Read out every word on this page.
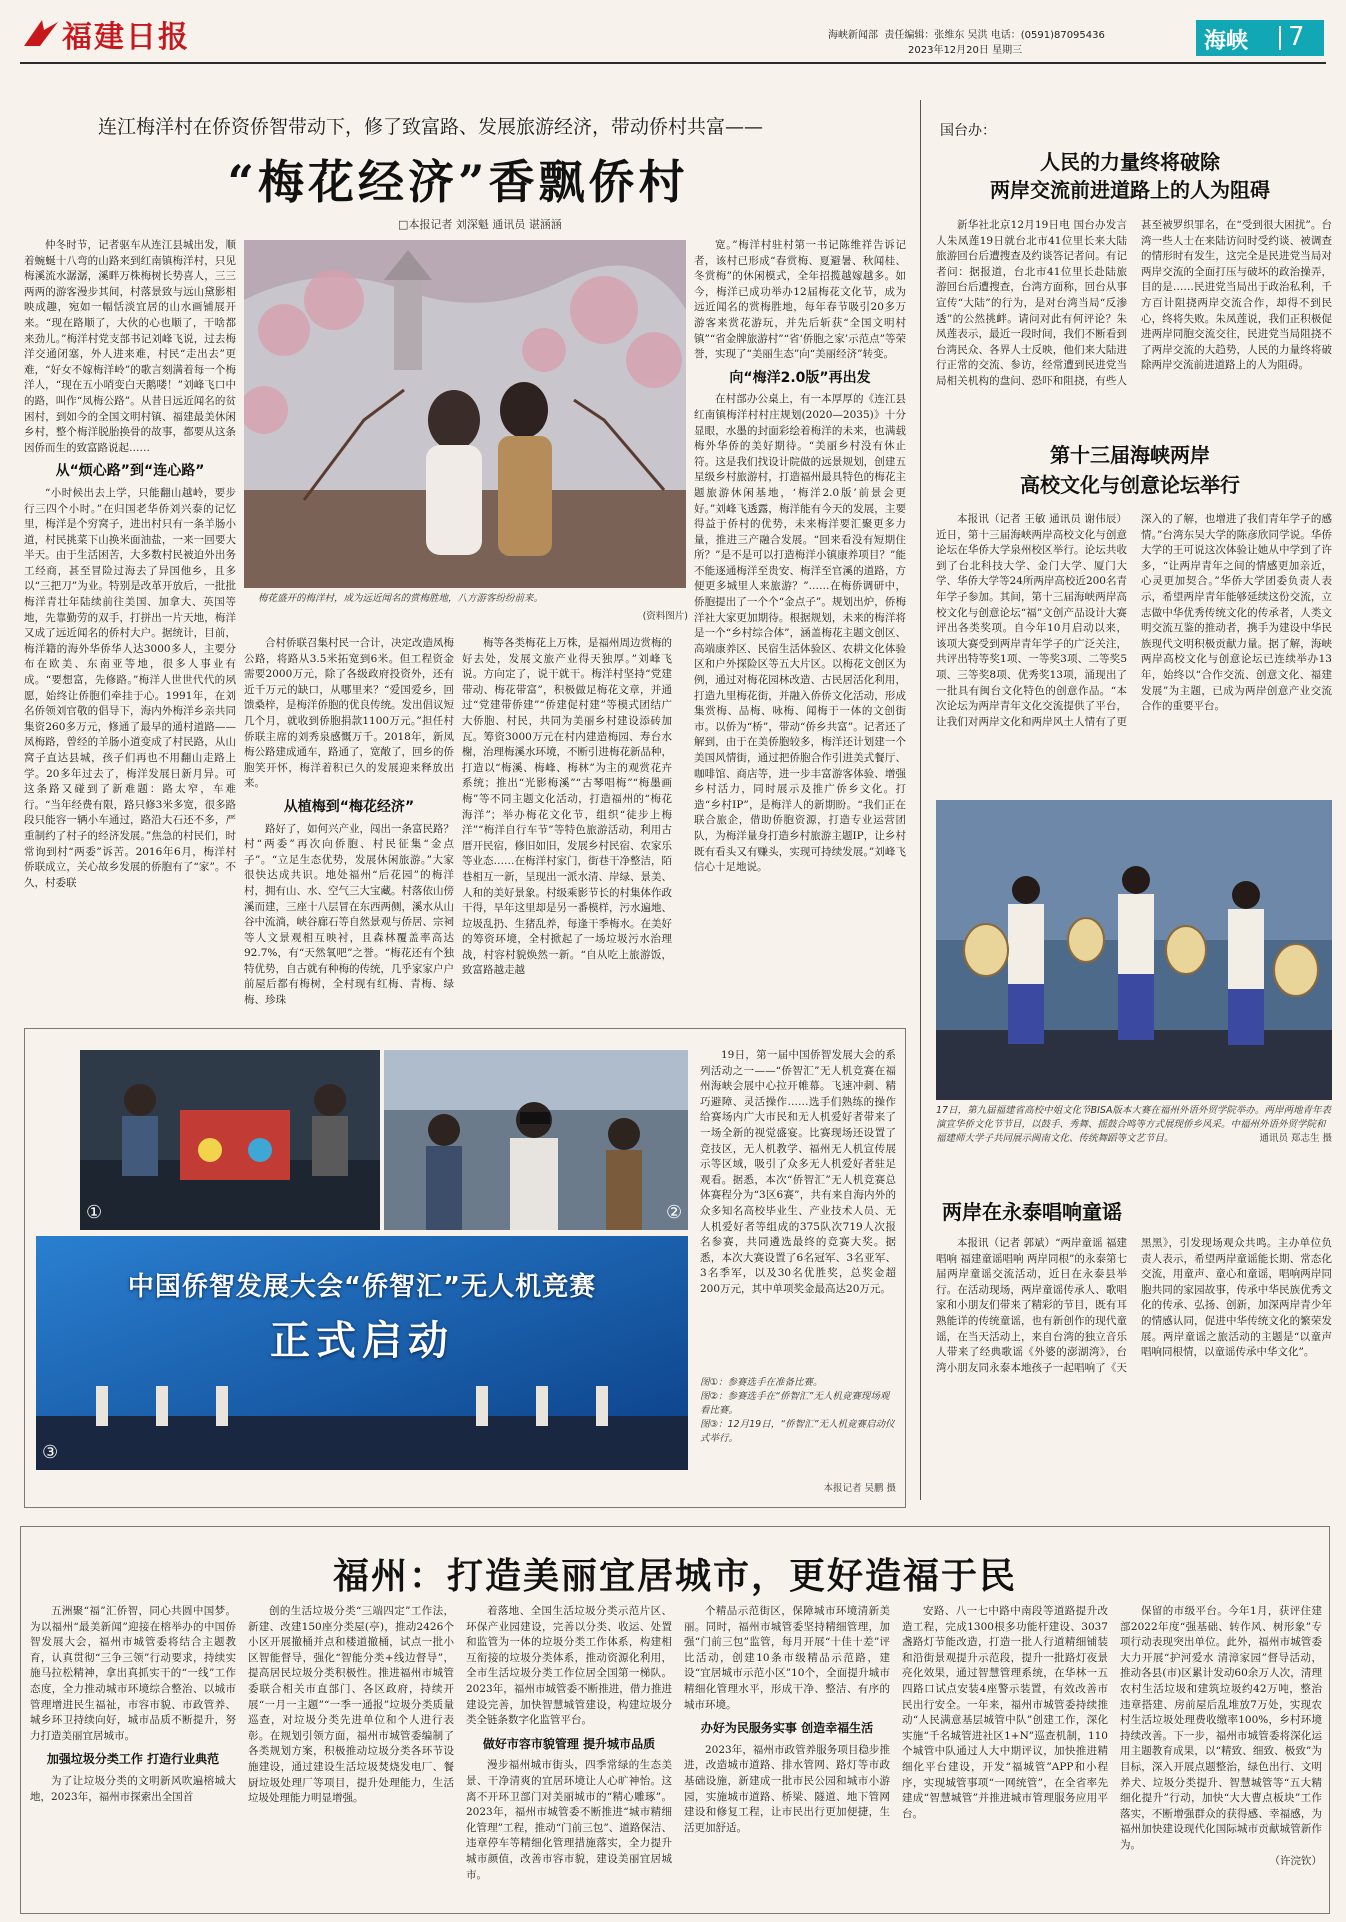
福建日报	海峡新闻部 责任编辑：张维东 吴洪 电话：(0591)87095436
2023年12月20日 星期三	海峡 7
连江梅洋村在侨资侨智带动下，修了致富路、发展旅游经济，带动侨村共富——
“梅花经济”香飘侨村
□本报记者 刘深魁 通讯员 谌涵涵

仲冬时节，记者驱车从连江县城出发，顺着蜿蜒十八弯的山路来到红南镇梅洋村，只见梅溪流水潺潺，溪畔万株梅树长势喜人，三三两两的游客漫步其间，村落景致与远山黛影相映成趣，宛如一幅恬淡宜居的山水画铺展开来。“现在路顺了，大伙的心也顺了，干啥都来劲儿。”梅洋村党支部书记刘峰飞说，过去梅洋交通闭塞，外人进来难，村民“走出去”更难，“好女不嫁梅洋岭”的歌言刻满着每一个梅洋人，“现在五小哨变白天鹅喽！”刘峰飞口中的路，叫作“凤梅公路”。从昔日远近闻名的贫困村，到如今的全国文明村镇、福建最美休闲乡村，整个梅洋脱胎换骨的故事，都要从这条因侨而生的致富路说起……

从“烦心路”到“连心路”

“小时候出去上学，只能翻山越岭，要步行三四个小时。”在归国老华侨刘兴泰的记忆里，梅洋是个穷窝子，进出村只有一条羊肠小道，村民挑菜下山换米面油盐，一来一回要大半天。由于生活困苦，大多数村民被迫外出务工经商，甚至冒险过海去了异国他乡，且多以“三把刀”为业。特别是改革开放后，一批批梅洋青壮年陆续前往美国、加拿大、英国等地，先靠勤劳的双手，打拼出一片天地，梅洋又成了远近闻名的侨村大户。据统计，目前，梅洋籍的海外华侨华人达3000多人，主要分布在欧美、东南亚等地，很多人事业有成。“要想富，先修路。”梅洋人世世代代的夙愿，始终让侨胞们牵挂于心。1991年，在刘名侨领刘官敬的倡导下，海内外梅洋乡亲共同集资260多万元，修通了最早的通村道路——凤梅路，曾经的羊肠小道变成了村民路，从山窝子直达县城，孩子们再也不用翻山走路上学。20多年过去了，梅洋发展日新月异。可这条路又碰到了新难题：路太窄，车难行。“当年经费有限，路只修3米多宽，很多路段只能容一辆小车通过，路沿大石还不多，严重制约了村子的经济发展。”焦急的村民们，时常询到村“两委”诉苦。2016年6月，梅洋村侨联成立，关心故乡发展的侨胞有了“家”。不久，村委联

梅花盛开的梅洋村，成为远近闻名的赏梅胜地，八方游客纷纷前来。
(资料图片)

合村侨联召集村民一合计，决定改造凤梅公路，将路从3.5米拓宽到6米。但工程资金需要2000万元，除了各级政府投资外，还有近千万元的缺口，从哪里来？“爱国爱乡，回馈桑梓，是梅洋侨胞的优良传统。发出倡议短几个月，就收到侨胞捐款1100万元。”担任村侨联主席的刘秀泉感慨万千。2018年，新凤梅公路建成通车，路通了，宽敞了，回乡的侨胞笑开怀，梅洋着积已久的发展迎来释放出来。

从植梅到“梅花经济”

路好了，如何兴产业，闯出一条富民路？村“两委”再次向侨胞、村民征集“金点子”。“立足生态优势，发展休闲旅游。”大家很快达成共识。地处福州“后花园”的梅洋村，拥有山、水、空气三大宝藏。村落依山傍溪而建，三座十八层冒在东西两侧，溪水从山谷中流淌，峡谷廊石等自然景观与侨居、宗祠等人文景观相互映衬，且森林覆盖率高达92.7%，有“天然氧吧”之誉。“梅花还有个独特优势，自古就有种梅的传统，几乎家家户户前屋后都有梅树，全村现有红梅、青梅、绿梅、珍珠

梅等各类梅花上万株，是福州周边赏梅的好去处，发展文旅产业得天独厚。”刘峰飞说。方向定了，说干就干。梅洋村坚持“党建带动、梅花带富”，积极做足梅花文章，并通过“党建带侨建”“侨建促村建”等模式团结广大侨胞、村民，共同为美丽乡村建设添砖加瓦。筹资3000万元在村内建造梅园、寿台水榭，治理梅溪水环境，不断引进梅花新品种，打造以“梅溪、梅峰、梅林”为主的观赏花卉系统；推出“光影梅溪”“古琴唱梅”“梅墨画梅”等不同主题文化活动，打造福州的“梅花海洋”；举办梅花文化节，组织“徒步上梅洋”“梅洋自行车节”等特色旅游活动，利用古厝开民宿，修旧如旧，发展乡村民宿、农家乐等业态……在梅洋村家门，街巷干净整洁，陌巷相互一新，呈现出一派水清、岸绿、景美、人和的美好景象。村级乘影节长的村集体作政干得，旱年这里却是另一番模样，污水遍地、垃圾乱扔、生猪乱养，每逢干季梅水。在美好的筹资环境，全村掀起了一场垃圾污水治理战，村容村貌焕然一新。“自从吃上旅游饭，致富路越走越

宽。”梅洋村驻村第一书记陈维祥告诉记者，该村已形成“春赏梅、夏避暑、秋闻桂、冬赏梅”的休闲模式，全年招揽越嫁越多。如今，梅洋已成功举办12届梅花文化节，成为远近闻名的赏梅胜地，每年春节吸引20多万游客来赏花游玩，并先后斩获“全国文明村镇”“省金牌旅游村”“省‘侨胞之家’示范点”等荣誉，实现了“美丽生态”向“美丽经济”转变。

向“梅洋2.0版”再出发

在村部办公桌上，有一本厚厚的《连江县红南镇梅洋村村庄规划(2020—2035)》十分显眼，水墨的封面彩绘着梅洋的未来，也满载梅外华侨的美好期待。“美丽乡村没有休止符。这是我们找设计院做的远景规划，创建五星级乡村旅游村，打造福州最具特色的梅花主题旅游休闲基地，‘梅洋2.0版’前景会更好。”刘峰飞透露，梅洋能有今天的发展，主要得益于侨村的优势，未来梅洋要汇聚更多力量，推进三产融合发展。“回来看没有短期住所？”是不是可以打造梅洋小镇康养项目？”能不能逐通梅洋至贵安、梅洋至官溪的道路，方便更多城里人来旅游？”……在梅侨调研中，侨胞提出了一个个“金点子”。规划出炉，侨梅洋社大家更加期待。根据规划，未来的梅洋将是一个“乡村综合体”，涵盖梅花主题文创区、高端康养区、民宿生活体验区、农耕文化体验区和户外探险区等五大片区。以梅花文创区为例，通过对梅花园林改造、古民居活化利用，打造九里梅花街，并融入侨侨文化活动，形成集赏梅、品梅、咏梅、闻梅于一体的文创街市。以侨为“桥”，带动“侨乡共富”。记者还了解到，由于在美侨胞较多，梅洋还计划建一个美国风情街，通过把侨胞合作引进美式餐厅、咖啡馆、商店等，进一步丰富游客体验、增强乡村活力，同时展示及推广侨乡文化。打造“乡村IP”，是梅洋人的新期盼。“我们正在联合旅企，借助侨胞资源，打造专业运营团队，为梅洋量身打造乡村旅游主题IP，让乡村既有看头又有赚头，实现可持续发展。”刘峰飞信心十足地说。

国台办：
人民的力量终将破除
两岸交流前进道路上的人为阻碍

新华社北京12月19日电 国台办发言人朱凤莲19日就台北市41位里长来大陆旅游回台后遭搜查及约谈答记者问。有记者问：据报道，台北市41位里长赴陆旅游回台后遭搜查，台湾方面称，回台从事宣传“大陆”的行为，是对台湾当局“反渗透”的公然挑衅。请问对此有何评论？朱凤莲表示，最近一段时间，我们不断看到台湾民众、各界人士反映，他们来大陆进行正常的交流、参访，经常遭到民进党当局相关机构的盘问、恐吓和阻挠，有些人甚至被罗织罪名，在“受到很大困扰”。台湾一些人士在来陆访问时受约谈、被调查的情形时有发生，这完全是民进党当局对两岸交流的全面打压与破坏的政治操弄，目的是……民进党当局出于政治私利，千方百计阻挠两岸交流合作，却得不到民心，终将失败。朱凤莲说，我们正积极促进两岸同胞交流交往，民进党当局阻挠不了两岸交流的大趋势，人民的力量终将破除两岸交流前进道路上的人为阻碍。

第十三届海峡两岸
高校文化与创意论坛举行

本报讯（记者 王敏 通讯员 谢伟辰）近日，第十三届海峡两岸高校文化与创意论坛在华侨大学泉州校区举行。论坛共收到了台北科技大学、金门大学、厦门大学、华侨大学等24所两岸高校近200名青年学子参加。其间，第十三届海峡两岸高校文化与创意论坛“福”文创产品设计大赛评出各类奖项。自今年10月启动以来，该项大赛受到两岸青年学子的广泛关注，共评出特等奖1项、一等奖3项、二等奖5项、三等奖8项、优秀奖13项，涌现出了一批具有闽台文化特色的创意作品。“本次论坛为两岸青年文化交流提供了平台，让我们对两岸文化和两岸风土人情有了更深入的了解，也增进了我们青年学子的感情。”台湾东吴大学的陈彦欣同学说。华侨大学的王可说这次体验让她从中学到了许多，“让两岸青年之间的情感更加亲近，心灵更加契合。”华侨大学团委负责人表示，希望两岸青年能够延续这份交流，立志做中华优秀传统文化的传承者，人类文明交流互鉴的推动者，携手为建设中华民族现代文明积极贡献力量。据了解，海峡两岸高校文化与创意论坛已连续举办13年，始终以“合作交流、创意文化、福建发展”为主题，已成为两岸创意产业交流合作的重要平台。

17日，第九届福建省高校中姐文化节BISA版本大赛在福州外语外贸学院举办。两岸两地青年表演宣华侨文化节节目，以鼓手、秀舞、摇鼓合鸣等方式展现侨乡风采。中福州外语外贸学院和福建师大学子共同展示闽南文化、传统舞蹈等文艺节目。	通讯员 郑志生 摄
两岸在永泰唱响童谣

本报讯（记者 郭斌）“两岸童谣 福建唱响 福建童谣唱响 两岸同根”的永泰第七届两岸童谣交流活动，近日在永泰县举行。在活动现场，两岸童谣传承人、歌唱家和小朋友们带来了精彩的节目，既有耳熟能详的传统童谣，也有新创作的现代童谣，在当天活动上，来自台湾的独立音乐人带来了经典歌谣《外婆的澎湖湾》，台湾小朋友同永泰本地孩子一起唱响了《天黑黑》，引发现场观众共鸣。主办单位负责人表示，希望两岸童谣能长期、常态化交流，用童声、童心和童谣，唱响两岸同胞共同的家园故事，传承中华民族优秀文化的传承、弘扬、创新，加深两岸青少年的情感认同，促进中华传统文化的繁荣发展。两岸童谣之旅活动的主题是“以童声唱响同根情，以童谣传承中华文化”。

①	②
中国侨智发展大会“侨智汇”无人机竞赛
正式启动
③

19日，第一届中国侨智发展大会的系列活动之一——“侨智汇”无人机竞赛在福州海峡会展中心拉开帷幕。飞速冲刺、精巧避障、灵活操作……选手们熟练的操作给赛场内广大市民和无人机爱好者带来了一场全新的视觉盛宴。比赛现场还设置了竞技区，无人机教学、福州无人机宣传展示等区域，吸引了众多无人机爱好者驻足观看。据悉，本次“侨智汇”无人机竞赛总体赛程分为“3区6赛”，共有来自海内外的众多知名高校毕业生、产业技术人员、无人机爱好者等组成的375队次719人次报名参赛，共同遴选最终的竞赛大奖。据悉，本次大赛设置了6名冠军、3名亚军、3名季军，以及30名优胜奖，总奖金超200万元，其中单项奖金最高达20万元。

图①：参赛选手在准备比赛。
图②：参赛选手在“侨智汇”无人机竞赛现场观看比赛。
图③：12月19日，“侨智汇”无人机竞赛启动仪式举行。
本报记者 吴鹏 摄
福州：打造美丽宜居城市，更好造福于民

五洲聚“福”汇侨智，同心共圆中国梦。为以福州“最美新闻”迎接在榕举办的中国侨智发展大会，福州市城管委将结合主题教育，认真贯彻“三争三领”行动要求，持续实施马拉松精神，拿出真抓实干的“一线”工作态度，全力推动城市环境综合整治、以城市管理增进民生福祉，市容市貌、市政管养、城乡环卫持续向好，城市品质不断提升，努力打造美丽宜居城市。

加强垃圾分类工作 打造行业典范

为了让垃圾分类的文明新风吹遍榕城大地，2023年，福州市探索出全国首

创的生活垃圾分类“三端四定”工作法，新建、改建150座分类屋(亭)，推动2426个小区开展撤桶并点和楼道撤桶，试点一批小区智能督导，强化“智能分类+线边督导”，提高居民垃圾分类积极性。推进福州市城管委联合相关市直部门、各区政府，持续开展“一月一主题”“一季一通报”垃圾分类质量巡查，对垃圾分类先进单位和个人进行表彰。在规划引领方面，福州市城管委编制了各类规划方案，积极推动垃圾分类各环节设施建设，通过建设生活垃圾焚烧发电厂、餐厨垃圾处理厂等项目，提升处理能力，生活垃圾处理能力明显增强。

着落地、全国生活垃圾分类示范片区、环保产业园建设，完善以分类、收运、处置和监管为一体的垃圾分类工作体系，构建相互衔接的垃圾分类体系，推动资源化利用，全市生活垃圾分类工作位居全国第一梯队。2023年，福州市城管委不断推进，借力推进建设完善，加快智慧城管建设，构建垃圾分类全链条数字化监管平台。

做好市容市貌管理 提升城市品质

漫步福州城市街头，四季常绿的生态美景、干净清爽的宜居环境让人心旷神怡。这离不开环卫部门对美丽城市的“精心雕琢”。2023年，福州市城管委不断推进“城市精细化管理”工程，推动“门前三包”、道路保洁、违章停车等精细化管理措施落实，全力提升城市颜值，改善市容市貌，建设美丽宜居城市。

个精品示范街区，保障城市环境清新美丽。同时，福州市城管委坚持精细管理，加强“门前三包”监管，每月开展“十佳十差”评比活动，创建10条市级精品示范路，建设“宜居城市示范小区”10个，全面提升城市精细化管理水平，形成干净、整洁、有序的城市环境。

办好为民服务实事 创造幸福生活

2023年，福州市政管养服务项目稳步推进，改造城市道路、排水管网、路灯等市政基础设施，新建成一批市民公园和城市小游园，实施城市道路、桥梁、隧道、地下管网建设和修复工程，让市民出行更加便捷，生活更加舒适。

安路、八一七中路中南段等道路提升改造工程，完成1300根多功能杆建设、3037盏路灯节能改造，打造一批人行道精细铺装和沿街景观提升示范段，提升一批路灯夜景亮化效果，通过智慧管理系统，在华林一五四路口试点安装4座警示装置，有效改善市民出行安全。一年来，福州市城管委持续推动“人民满意基层城管中队”创建工作，深化实施“千名城管进社区1+N”巡查机制，110个城管中队通过人大中期评议，加快推进精细化平台建设，开发“福城管”APP和小程序，实现城管事项“一网统管”，在全省率先建成“智慧城管”并推进城市管理服务应用平台。

保留的市级平台。今年1月，获评住建部2022年度“强基础、转作风、树形象”专项行动表现突出单位。此外，福州市城管委大力开展“护河爱水 清漳家园”督导活动，推动各县(市)区累计发动60余万人次，清理农村生活垃圾和建筑垃圾约42万吨，整治违章搭建、房前屋后乱堆放7万处，实现农村生活垃圾处理费收缴率100%，乡村环境持续改善。下一步，福州市城管委将深化运用主题教育成果，以“精致、细致、极致”为目标，深入开展点题整治，绿色出行、文明养犬、垃圾分类提升、智慧城管等“五大精细化提升”行动，加快“大大曹点板块”工作落实，不断增强群众的获得感、幸福感，为福州加快建设现代化国际城市贡献城管新作为。

（许浣钦）
